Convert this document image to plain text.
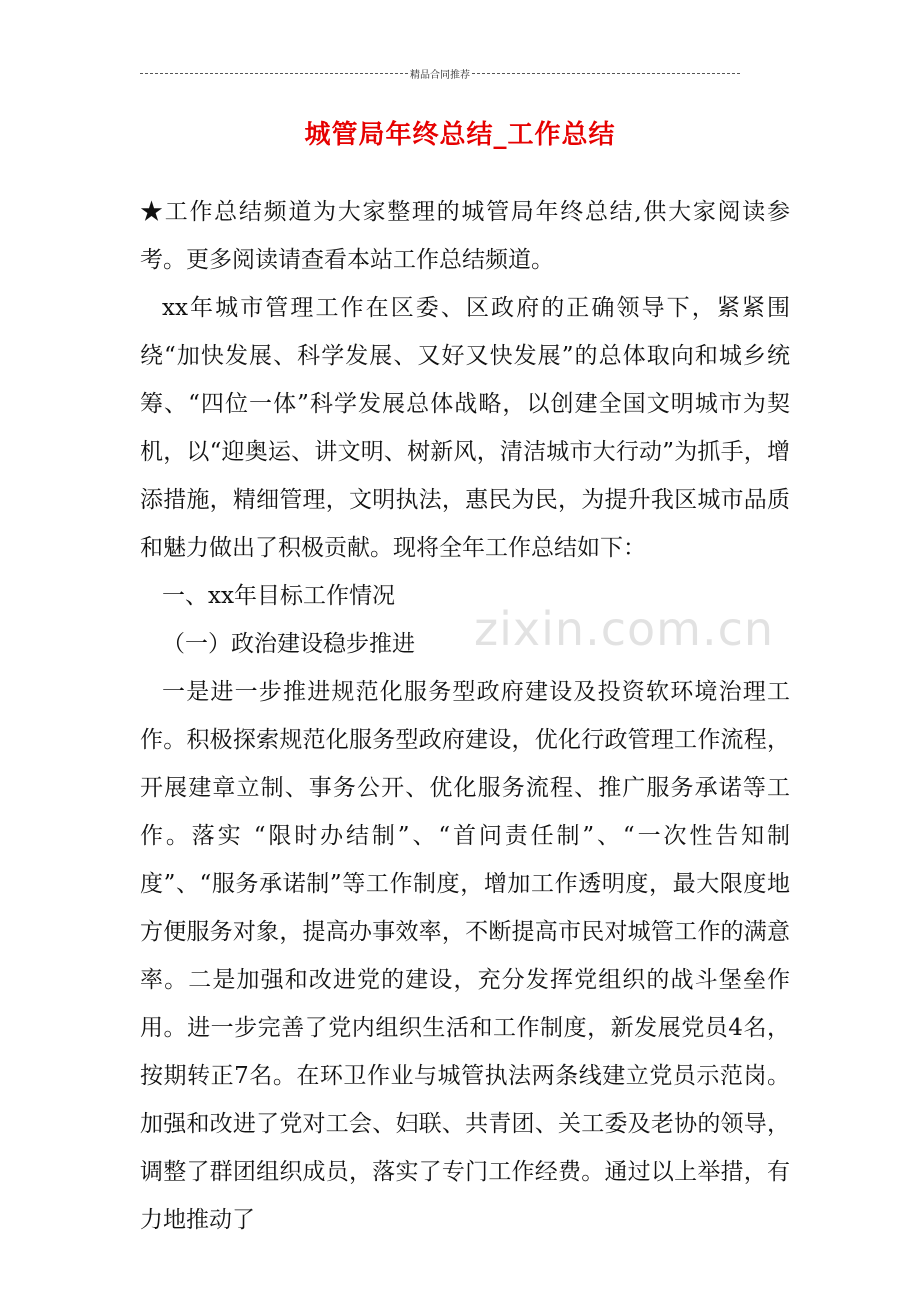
精品合同推荐
城管局年终总结_工作总结

★工作总结频道为大家整理的城管局年终总结,供大家阅读参考。更多阅读请查看本站工作总结频道。

xx年城市管理工作在区委、区政府的正确领导下，紧紧围绕“加快发展、科学发展、又好又快发展”的总体取向和城乡统筹、“四位一体”科学发展总体战略，以创建全国文明城市为契机，以“迎奥运、讲文明、树新风，清洁城市大行动”为抓手，增添措施，精细管理，文明执法，惠民为民，为提升我区城市品质和魅力做出了积极贡献。现将全年工作总结如下：

一、xx年目标工作情况

（一）政治建设稳步推进

一是进一步推进规范化服务型政府建设及投资软环境治理工作。积极探索规范化服务型政府建设，优化行政管理工作流程，开展建章立制、事务公开、优化服务流程、推广服务承诺等工作。落实 “限时办结制”、“首问责任制”、“一次性告知制度”、“服务承诺制”等工作制度，增加工作透明度，最大限度地方便服务对象，提高办事效率，不断提高市民对城管工作的满意率。二是加强和改进党的建设，充分发挥党组织的战斗堡垒作用。进一步完善了党内组织生活和工作制度，新发展党员4名，按期转正7名。在环卫作业与城管执法两条线建立党员示范岗。加强和改进了党对工会、妇联、共青团、关工委及老协的领导，调整了群团组织成员，落实了专门工作经费。通过以上举措，有力地推动了

zixin.com.cn
